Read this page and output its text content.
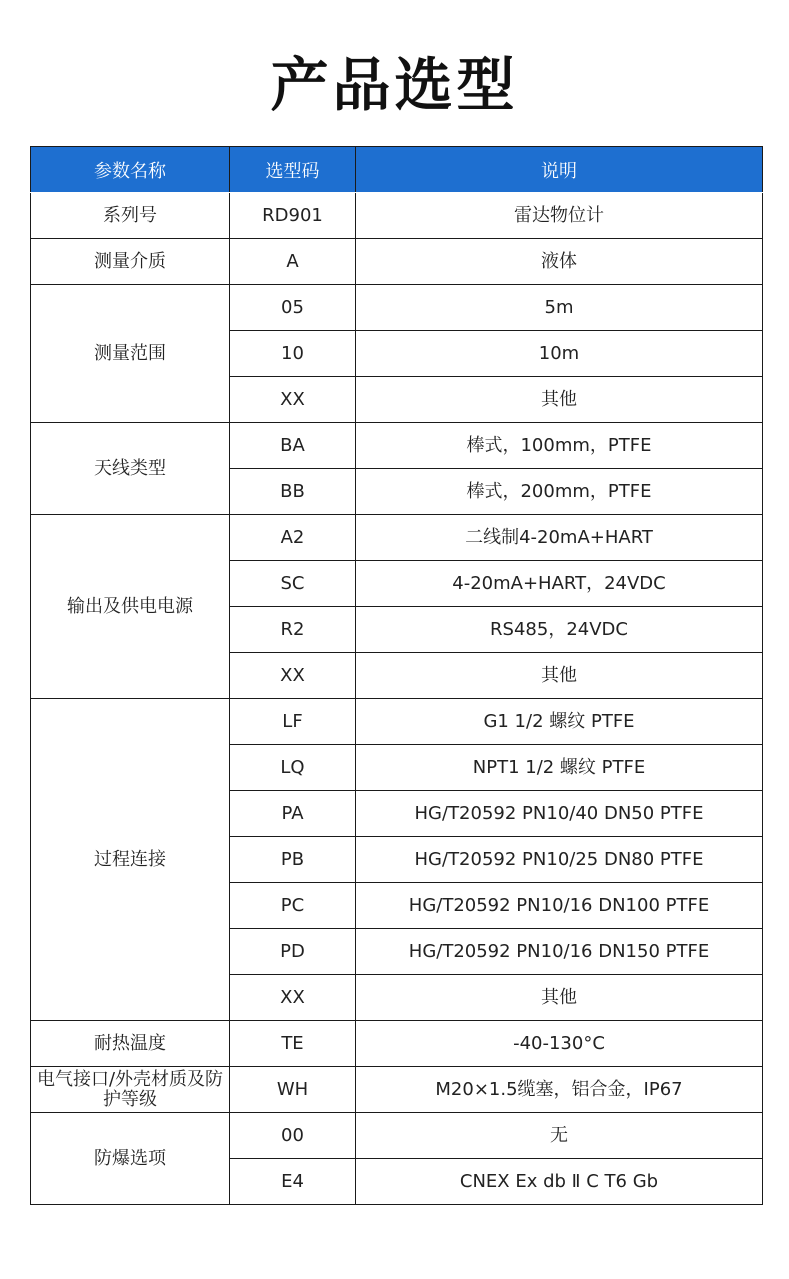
产品选型
参数名称	选型码	说明
系列号	RD901	雷达物位计
测量介质	A	液体
测量范围	05	5m
	10	10m
	XX	其他
天线类型	BA	棒式，100mm，PTFE
	BB	棒式，200mm，PTFE
输出及供电电源	A2	二线制4-20mA+HART
	SC	4-20mA+HART，24VDC
	R2	RS485，24VDC
	XX	其他
过程连接	LF	G1 1/2 螺纹 PTFE
	LQ	NPT1 1/2 螺纹 PTFE
	PA	HG/T20592 PN10/40 DN50 PTFE
	PB	HG/T20592 PN10/25 DN80 PTFE
	PC	HG/T20592 PN10/16 DN100 PTFE
	PD	HG/T20592 PN10/16 DN150 PTFE
	XX	其他
耐热温度	TE	-40-130°C
电气接口/外壳材质及防护等级	WH	M20×1.5缆塞，铝合金，IP67
防爆选项	00	无
	E4	CNEX Ex db Ⅱ C T6 Gb
